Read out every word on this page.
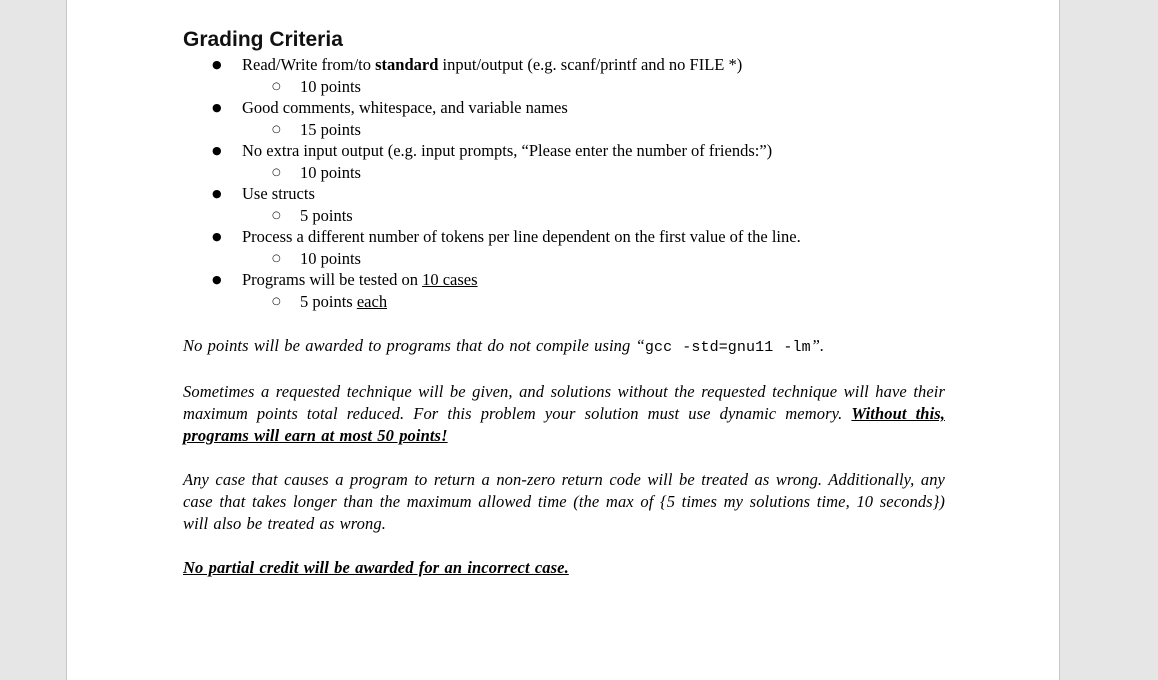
Grading Criteria
● Read/Write from/to standard input/output (e.g. scanf/printf and no FILE *)
○ 10 points
● Good comments, whitespace, and variable names
○ 15 points
● No extra input output (e.g. input prompts, “Please enter the number of friends:”)
○ 10 points
● Use structs
○ 5 points
● Process a different number of tokens per line dependent on the first value of the line.
○ 10 points
● Programs will be tested on 10 cases
○ 5 points each

No points will be awarded to programs that do not compile using “gcc -std=gnu11 -lm”.

Sometimes a requested technique will be given, and solutions without the requested technique will have their maximum points total reduced. For this problem your solution must use dynamic memory. Without this, programs will earn at most 50 points!

Any case that causes a program to return a non-zero return code will be treated as wrong. Additionally, any case that takes longer than the maximum allowed time (the max of {5 times my solutions time, 10 seconds}) will also be treated as wrong.

No partial credit will be awarded for an incorrect case.
